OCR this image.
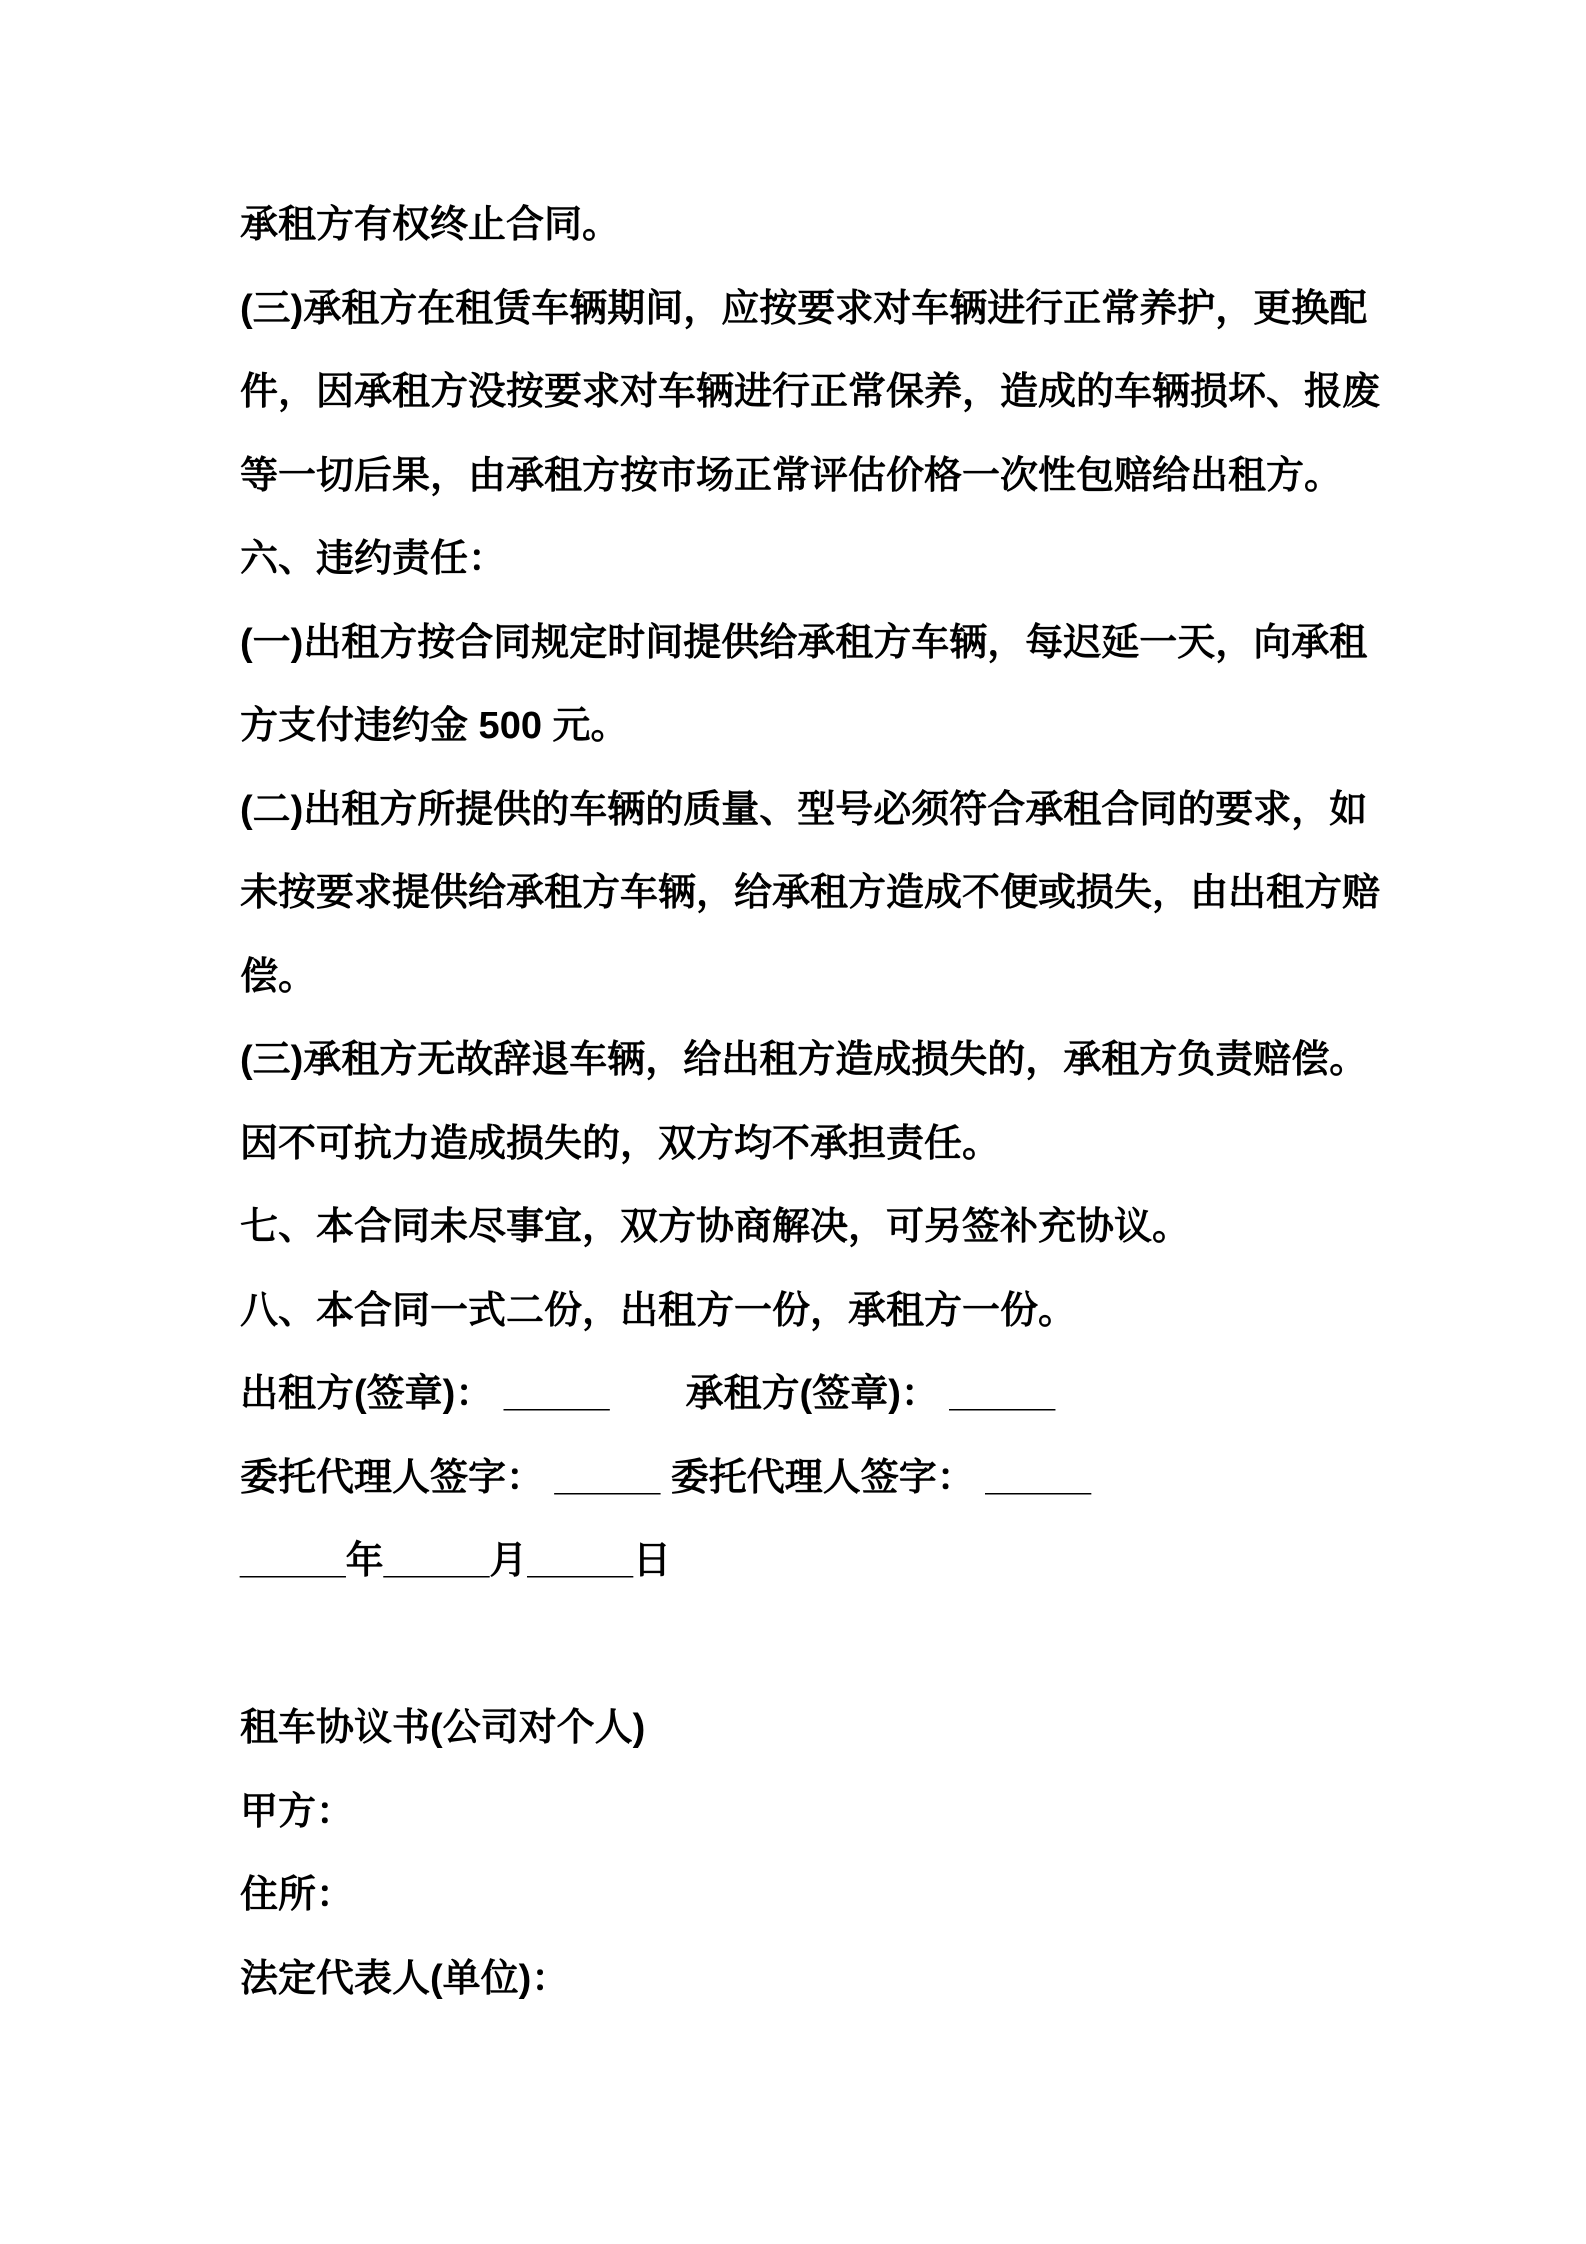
承租方有权终止合同。
(三)承租方在租赁车辆期间，应按要求对车辆进行正常养护，更换配
件，因承租方没按要求对车辆进行正常保养，造成的车辆损坏、报废
等一切后果，由承租方按市场正常评估价格一次性包赔给出租方。
六、违约责任：
(一)出租方按合同规定时间提供给承租方车辆，每迟延一天，向承租
方支付违约金 500 元。
(二)出租方所提供的车辆的质量、型号必须符合承租合同的要求，如
未按要求提供给承租方车辆，给承租方造成不便或损失，由出租方赔
偿。
(三)承租方无故辞退车辆，给出租方造成损失的，承租方负责赔偿。
因不可抗力造成损失的，双方均不承担责任。
七、本合同未尽事宜，双方协商解决，可另签补充协议。
八、本合同一式二份，出租方一份，承租方一份。
出租方(签章)： _____　　承租方(签章)： _____
委托代理人签字： _____ 委托代理人签字： _____
_____年_____月_____日
租车协议书(公司对个人)
甲方：
住所：
法定代表人(单位)：
